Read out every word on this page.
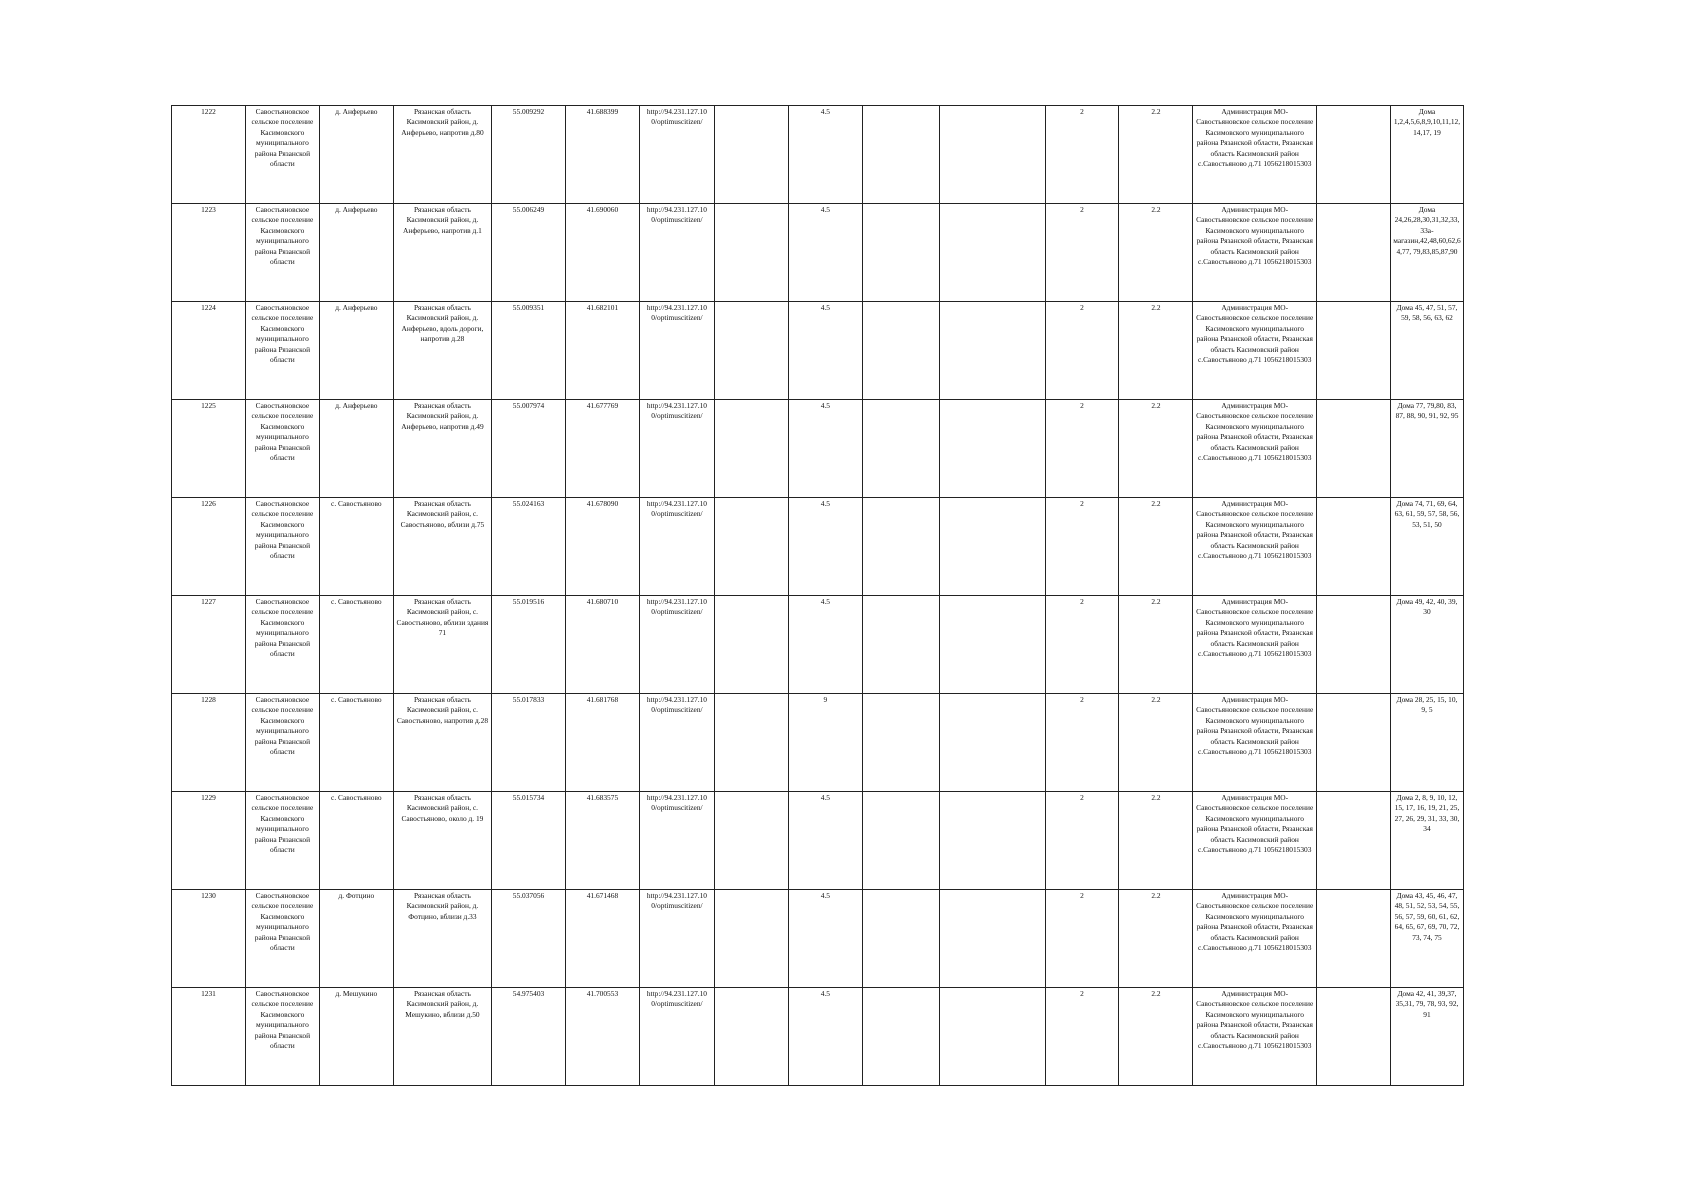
1222	Савостьяновское сельское поселение Касимовского муниципального района Рязанской области	д. Анферьево	Рязанская область Касимовский район, д. Анферьево, напротив д.80	55.009292	41.688399	http://94.231.127.10 0/optimuscitizen/		4.5			2	2.2	Администрация МО-Савостьяновское сельское поселение Касимовского муниципального района Рязанской области, Рязанская область Касимовский район с.Савостьяново д.71 1056218015303		Дома 1,2,4,5,6,8,9,10,11,12,14,17, 19
1223	Савостьяновское сельское поселение Касимовского муниципального района Рязанской области	д. Анферьево	Рязанская область Касимовский район, д. Анферьево, напротив д.1	55.006249	41.690060	http://94.231.127.10 0/optimuscitizen/		4.5			2	2.2	Администрация МО-Савостьяновское сельское поселение Касимовского муниципального района Рязанской области, Рязанская область Касимовский район с.Савостьяново д.71 1056218015303		Дома 24,26,28,30,31,32,33, 33а-магазин,42,48,60,62,64,77, 79,83,85,87,90
1224	Савостьяновское сельское поселение Касимовского муниципального района Рязанской области	д. Анферьево	Рязанская область Касимовский район, д. Анферьево, вдоль дороги, напротив д.28	55.009351	41.682101	http://94.231.127.10 0/optimuscitizen/		4.5			2	2.2	Администрация МО-Савостьяновское сельское поселение Касимовского муниципального района Рязанской области, Рязанская область Касимовский район с.Савостьяново д.71 1056218015303		Дома 45, 47, 51, 57, 59, 58, 56, 63, 62
1225	Савостьяновское сельское поселение Касимовского муниципального района Рязанской области	д. Анферьево	Рязанская область Касимовский район, д. Анферьево, напротив д.49	55.007974	41.677769	http://94.231.127.10 0/optimuscitizen/		4.5			2	2.2	Администрация МО-Савостьяновское сельское поселение Касимовского муниципального района Рязанской области, Рязанская область Касимовский район с.Савостьяново д.71 1056218015303		Дома 77, 79,80, 83, 87, 88, 90, 91, 92, 95
1226	Савостьяновское сельское поселение Касимовского муниципального района Рязанской области	с. Савостьяново	Рязанская область Касимовский район, с. Савостьяново, вблизи д.75	55.024163	41.678090	http://94.231.127.10 0/optimuscitizen/		4.5			2	2.2	Администрация МО-Савостьяновское сельское поселение Касимовского муниципального района Рязанской области, Рязанская область Касимовский район с.Савостьяново д.71 1056218015303		Дома 74, 71, 69, 64, 63, 61, 59, 57, 58, 56, 53, 51, 50
1227	Савостьяновское сельское поселение Касимовского муниципального района Рязанской области	с. Савостьяново	Рязанская область Касимовский район, с. Савостьяново, вблизи здания 71	55.019516	41.680710	http://94.231.127.10 0/optimuscitizen/		4.5			2	2.2	Администрация МО-Савостьяновское сельское поселение Касимовского муниципального района Рязанской области, Рязанская область Касимовский район с.Савостьяново д.71 1056218015303		Дома 49, 42, 40, 39, 30
1228	Савостьяновское сельское поселение Касимовского муниципального района Рязанской области	с. Савостьяново	Рязанская область Касимовский район, с. Савостьяново, напротив д.28	55.017833	41.681768	http://94.231.127.10 0/optimuscitizen/		9			2	2.2	Администрация МО-Савостьяновское сельское поселение Касимовского муниципального района Рязанской области, Рязанская область Касимовский район с.Савостьяново д.71 1056218015303		Дома 28, 25, 15, 10, 9, 5
1229	Савостьяновское сельское поселение Касимовского муниципального района Рязанской области	с. Савостьяново	Рязанская область Касимовский район, с. Савостьяново, около д. 19	55.015734	41.683575	http://94.231.127.10 0/optimuscitizen/		4.5			2	2.2	Администрация МО-Савостьяновское сельское поселение Касимовского муниципального района Рязанской области, Рязанская область Касимовский район с.Савостьяново д.71 1056218015303		Дома 2, 8, 9, 10, 12, 15, 17, 16, 19, 21, 25, 27, 26, 29, 31, 33, 30, 34
1230	Савостьяновское сельское поселение Касимовского муниципального района Рязанской области	д. Фотцино	Рязанская область Касимовский район, д. Фотцино, вблизи д.33	55.037056	41.671468	http://94.231.127.10 0/optimuscitizen/		4.5			2	2.2	Администрация МО-Савостьяновское сельское поселение Касимовского муниципального района Рязанской области, Рязанская область Касимовский район с.Савостьяново д.71 1056218015303		Дома 43, 45, 46, 47, 48, 51, 52, 53, 54, 55, 56, 57, 59, 60, 61, 62, 64, 65, 67, 69, 70, 72, 73, 74, 75
1231	Савостьяновское сельское поселение Касимовского муниципального района Рязанской области	д. Мешукино	Рязанская область Касимовский район, д. Мешукино, вблизи д.50	54.975403	41.700553	http://94.231.127.10 0/optimuscitizen/		4.5			2	2.2	Администрация МО-Савостьяновское сельское поселение Касимовского муниципального района Рязанской области, Рязанская область Касимовский район с.Савостьяново д.71 1056218015303		Дома 42, 41, 39,37, 35,31, 79, 78, 93, 92, 91
